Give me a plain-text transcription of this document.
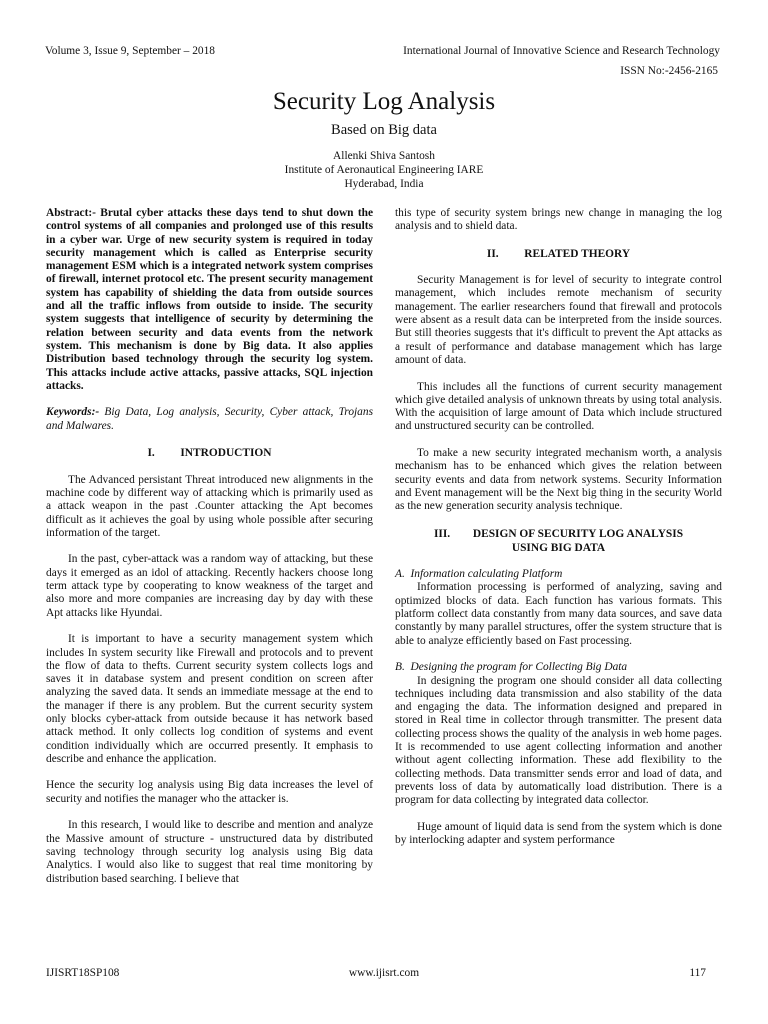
Volume 3, Issue 9, September – 2018	International Journal of Innovative Science and Research Technology
ISSN No:-2456-2165
Security Log Analysis
Based on Big data
Allenki Shiva Santosh
Institute of Aeronautical Engineering IARE
Hyderabad, India

Abstract:- Brutal cyber attacks these days tend to shut down the control systems of all companies and prolonged use of this results in a cyber war. Urge of new security system is required in today security management which is called as Enterprise security management ESM which is a integrated network system comprises of firewall, internet protocol etc. The present security management system has capability of shielding the data from outside sources and all the traffic inflows from outside to inside. The security system suggests that intelligence of security by determining the relation between security and data events from the network system. This mechanism is done by Big data. It also applies Distribution based technology through the security log system. This attacks include active attacks, passive attacks, SQL injection attacks.

Keywords:- Big Data, Log analysis, Security, Cyber attack, Trojans and Malwares.

I.         INTRODUCTION

The Advanced persistant Threat introduced new alignments in the machine code by different way of attacking which is primarily used as a attack weapon in the past .Counter attacking the Apt becomes difficult as it achieves the goal by using whole possible after securing information of the target.

In the past, cyber-attack was a random way of attacking, but these days it emerged as an idol of attacking. Recently hackers choose long term attack type by cooperating to know weakness of the target and also more and more companies are increasing day by day with these Apt attacks like Hyundai.

It is important to have a security management system which includes In system security like Firewall and protocols and to prevent the flow of data to thefts. Current security system collects logs and saves it in database system and present condition on screen after analyzing the saved data. It sends an immediate message at the end to the manager if there is any problem. But the current security system only blocks cyber-attack from outside because it has network based attack method. It only collects log condition of systems and event condition individually which are occurred presently. It emphasis to describe and enhance the application.

Hence the security log analysis using Big data increases the level of security and notifies the manager who the attacker is.

In this research, I would like to describe and mention and analyze the Massive amount of structure - unstructured data by distributed saving technology through security log analysis using Big data Analytics. I would also like to suggest that real time monitoring by distribution based searching. I believe that

this type of security system brings new change in managing the log analysis and to shield data.

II.         RELATED THEORY

Security Management is for level of security to integrate control management, which includes remote mechanism of security management. The earlier researchers found that firewall and protocols were absent as a result data can be interpreted from the inside sources. But still theories suggests that it's difficult to prevent the Apt attacks as a result of performance and database management which has large amount of data.

This includes all the functions of current security management which give detailed analysis of unknown threats by using total analysis. With the acquisition of large amount of Data which include structured and unstructured security can be controlled.

To make a new security integrated mechanism worth, a analysis mechanism has to be enhanced which gives the relation between security events and data from network systems. Security Information and Event management will be the Next big thing in the security World as the new generation security analysis technique.

III.        DESIGN OF SECURITY LOG ANALYSIS
USING BIG DATA

A.  Information calculating Platform

Information processing is performed of analyzing, saving and optimized blocks of data. Each function has various formats. This platform collect data constantly from many data sources, and save data constantly by many parallel structures, offer the system structure that is able to analyze efficiently based on Fast processing.

B.  Designing the program for Collecting Big Data

In designing the program one should consider all data collecting techniques including data transmission and also stability of the data and engaging the data. The information designed and prepared in stored in Real time in collector through transmitter. The present data collecting process shows the quality of the analysis in web home pages. It is recommended to use agent collecting information and another without agent collecting information. These add flexibility to the collecting methods. Data transmitter sends error and load of data, and prevents loss of data by automatically load distribution. There is a program for data collecting by integrated data collector.

Huge amount of liquid data is send from the system which is done by interlocking adapter and system performance

IJISRT18SP108	www.ijisrt.com	117
